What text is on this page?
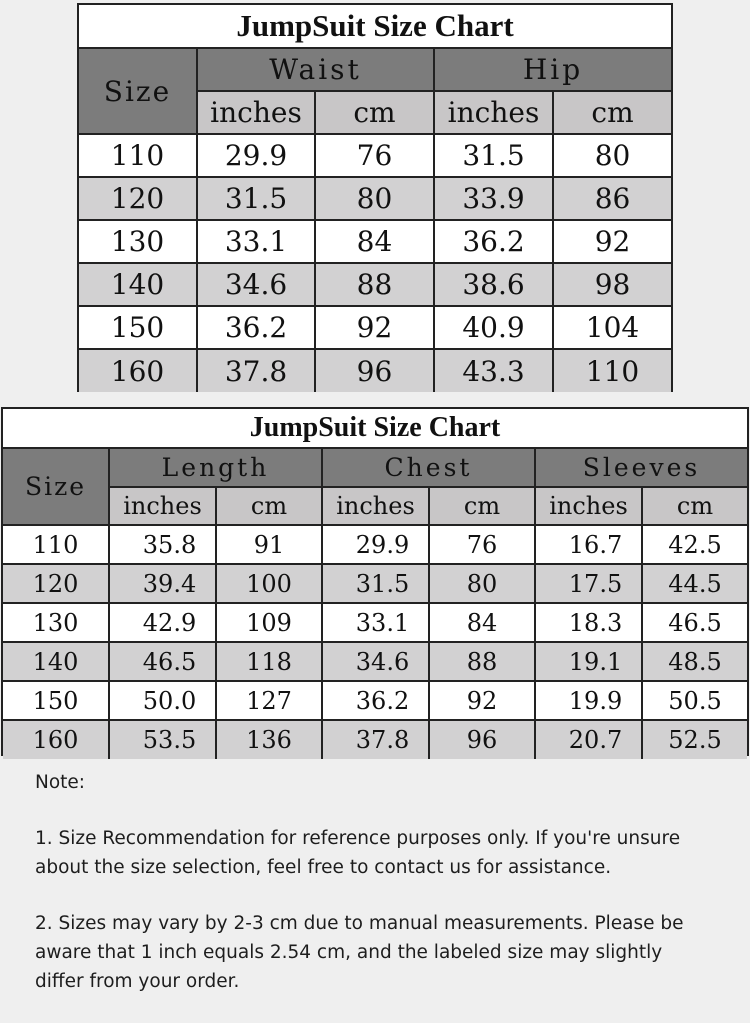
JumpSuit Size Chart				
Size	Waist		Hip	
	inches	cm	inches	cm
110	29.9	76	31.5	80
120	31.5	80	33.9	86
130	33.1	84	36.2	92
140	34.6	88	38.6	98
150	36.2	92	40.9	104
160	37.8	96	43.3	110
JumpSuit Size Chart						
Size	Length		Chest		Sleeves	
	inches	cm	inches	cm	inches	cm
110	35.8	91	29.9	76	16.7	42.5
120	39.4	100	31.5	80	17.5	44.5
130	42.9	109	33.1	84	18.3	46.5
140	46.5	118	34.6	88	19.1	48.5
150	50.0	127	36.2	92	19.9	50.5
160	53.5	136	37.8	96	20.7	52.5

Note:

1. Size Recommendation for reference purposes only. If you're unsure about the size selection, feel free to contact us for assistance.

2. Sizes may vary by 2-3 cm due to manual measurements. Please be aware that 1 inch equals 2.54 cm, and the labeled size may slightly differ from your order.
